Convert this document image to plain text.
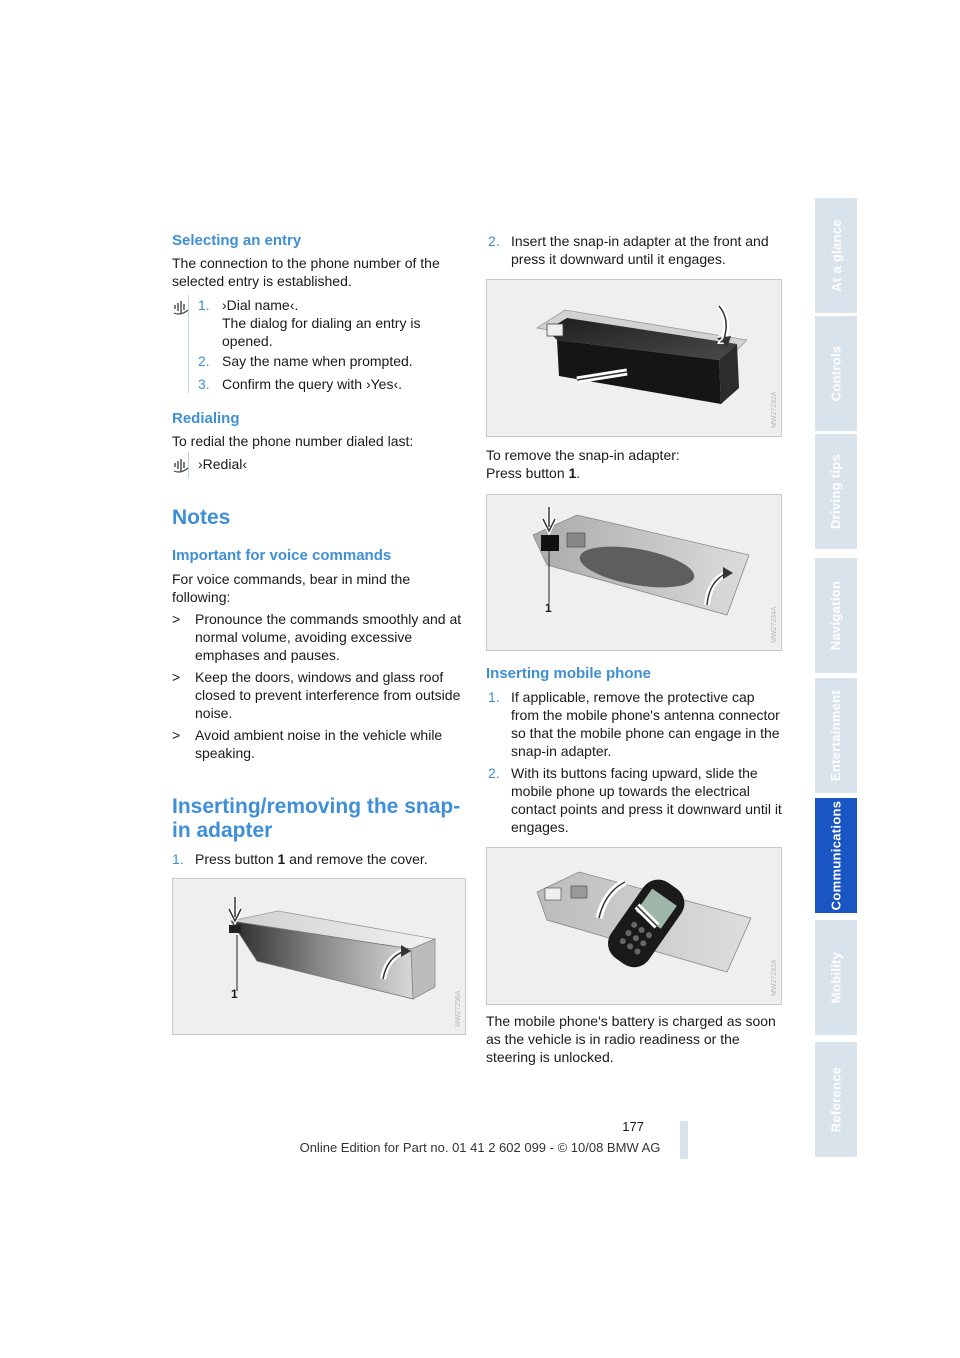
Selecting an entry
The connection to the phone number of the selected entry is established.
1. ›Dial name‹.
The dialog for dialing an entry is opened.
2. Say the name when prompted.
3. Confirm the query with ›Yes‹.
Redialing
To redial the phone number dialed last:
›Redial‹
Notes
Important for voice commands
For voice commands, bear in mind the following:
> Pronounce the commands smoothly and at normal volume, avoiding excessive emphases and pauses.
> Keep the doors, windows and glass roof closed to prevent interference from outside noise.
> Avoid ambient noise in the vehicle while speaking.
Inserting/removing the snap-
in adapter
1. Press button 1 and remove the cover.
1	MW27236A
2. Insert the snap-in adapter at the front and press it downward until it engages.
2
MW27232A
To remove the snap-in adapter:
Press button 1.
1	MW27234A
Inserting mobile phone
1. If applicable, remove the protective cap from the mobile phone's antenna connector so that the mobile phone can engage in the snap-in adapter.
2. With its buttons facing upward, slide the mobile phone up towards the electrical contact points and press it downward until it engages.
MW27233A
The mobile phone's battery is charged as soon as the vehicle is in radio readiness or the steering is unlocked.
At a glance
Controls
Driving tips
Navigation
Entertainment
Communications
Mobility
Reference
177
Online Edition for Part no. 01 41 2 602 099 - © 10/08 BMW AG
